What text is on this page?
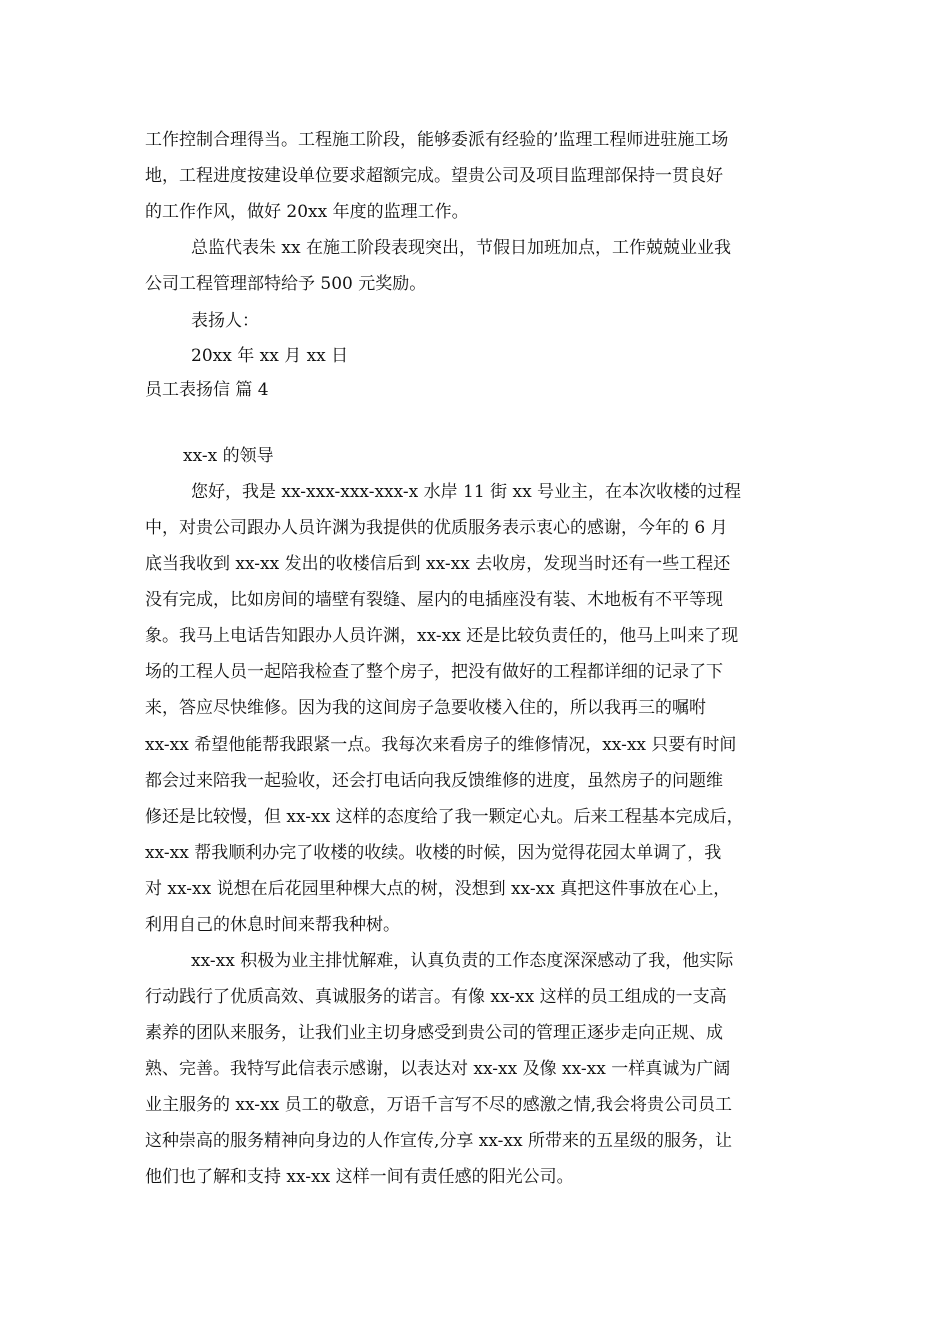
工作控制合理得当。工程施工阶段，能够委派有经验的’监理工程师进驻施工场

地，工程进度按建设单位要求超额完成。望贵公司及项目监理部保持一贯良好

的工作作风，做好 20xx 年度的监理工作。

总监代表朱 xx 在施工阶段表现突出，节假日加班加点，工作兢兢业业我

公司工程管理部特给予 500 元奖励。

表扬人：

20xx 年 xx 月 xx 日

员工表扬信 篇 4

xx-x 的领导

您好，我是 xx-xxx-xxx-xxx-x 水岸 11 街 xx 号业主，在本次收楼的过程

中，对贵公司跟办人员许渊为我提供的优质服务表示衷心的感谢，今年的 6 月

底当我收到 xx-xx 发出的收楼信后到 xx-xx 去收房，发现当时还有一些工程还

没有完成，比如房间的墙壁有裂缝、屋内的电插座没有装、木地板有不平等现

象。我马上电话告知跟办人员许渊，xx-xx 还是比较负责任的，他马上叫来了现

场的工程人员一起陪我检查了整个房子，把没有做好的工程都详细的记录了下

来，答应尽快维修。因为我的这间房子急要收楼入住的，所以我再三的嘱咐

xx-xx 希望他能帮我跟紧一点。我每次来看房子的维修情况，xx-xx 只要有时间

都会过来陪我一起验收，还会打电话向我反馈维修的进度，虽然房子的问题维

修还是比较慢，但 xx-xx 这样的态度给了我一颗定心丸。后来工程基本完成后，

xx-xx 帮我顺利办完了收楼的收续。收楼的时候，因为觉得花园太单调了，我

对 xx-xx 说想在后花园里种棵大点的树，没想到 xx-xx 真把这件事放在心上，

利用自己的休息时间来帮我种树。

xx-xx 积极为业主排忧解难，认真负责的工作态度深深感动了我，他实际

行动践行了优质高效、真诚服务的诺言。有像 xx-xx 这样的员工组成的一支高

素养的团队来服务，让我们业主切身感受到贵公司的管理正逐步走向正规、成

熟、完善。我特写此信表示感谢，以表达对 xx-xx 及像 xx-xx 一样真诚为广阔

业主服务的 xx-xx 员工的敬意，万语千言写不尽的感激之情,我会将贵公司员工

这种崇高的服务精神向身边的人作宣传,分享 xx-xx 所带来的五星级的服务，让

他们也了解和支持 xx-xx 这样一间有责任感的阳光公司。
